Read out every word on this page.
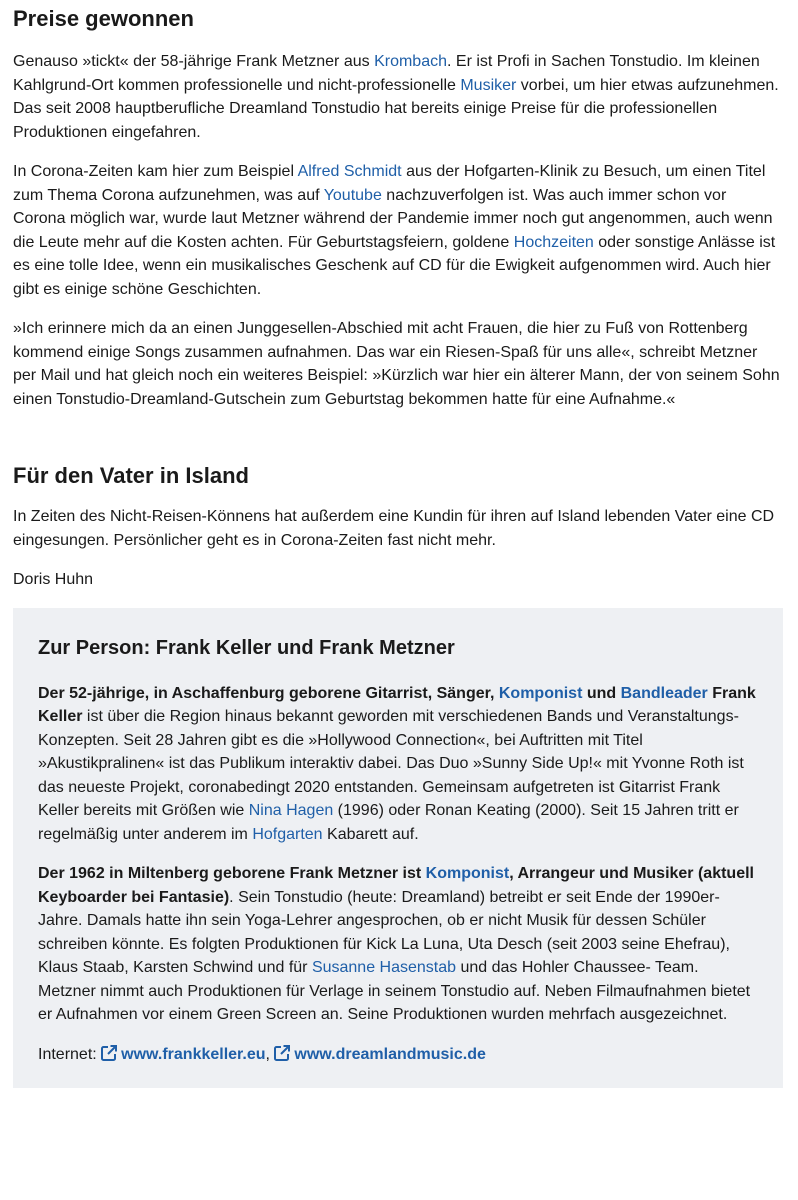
Preise gewonnen

Genauso »tickt« der 58-jährige Frank Metzner aus Krombach. Er ist Profi in Sachen Tonstudio. Im kleinen Kahlgrund-Ort kommen professionelle und nicht-professionelle Musiker vorbei, um hier etwas aufzunehmen. Das seit 2008 hauptberufliche Dreamland Tonstudio hat bereits einige Preise für die professionellen Produktionen eingefahren.

In Corona-Zeiten kam hier zum Beispiel Alfred Schmidt aus der Hofgarten-Klinik zu Besuch, um einen Titel zum Thema Corona aufzunehmen, was auf Youtube nachzuverfolgen ist. Was auch immer schon vor Corona möglich war, wurde laut Metzner während der Pandemie immer noch gut angenommen, auch wenn die Leute mehr auf die Kosten achten. Für Geburtstagsfeiern, goldene Hochzeiten oder sonstige Anlässe ist es eine tolle Idee, wenn ein musikalisches Geschenk auf CD für die Ewigkeit aufgenommen wird. Auch hier gibt es einige schöne Geschichten.

»Ich erinnere mich da an einen Junggesellen-Abschied mit acht Frauen, die hier zu Fuß von Rottenberg kommend einige Songs zusammen aufnahmen. Das war ein Riesen-Spaß für uns alle«, schreibt Metzner per Mail und hat gleich noch ein weiteres Beispiel: »Kürzlich war hier ein älterer Mann, der von seinem Sohn einen Tonstudio-Dreamland-Gutschein zum Geburtstag bekommen hatte für eine Aufnahme.«

Für den Vater in Island

In Zeiten des Nicht-Reisen-Könnens hat außerdem eine Kundin für ihren auf Island lebenden Vater eine CD eingesungen. Persönlicher geht es in Corona-Zeiten fast nicht mehr.

Doris Huhn

Zur Person: Frank Keller und Frank Metzner

Der 52-jährige, in Aschaffenburg geborene Gitarrist, Sänger, Komponist und Bandleader Frank Keller ist über die Region hinaus bekannt geworden mit verschiedenen Bands und Veranstaltungs-Konzepten. Seit 28 Jahren gibt es die »Hollywood Connection«, bei Auftritten mit Titel »Akustikpralinen« ist das Publikum interaktiv dabei. Das Duo »Sunny Side Up!« mit Yvonne Roth ist das neueste Projekt, coronabedingt 2020 entstanden. Gemeinsam aufgetreten ist Gitarrist Frank Keller bereits mit Größen wie Nina Hagen (1996) oder Ronan Keating (2000). Seit 15 Jahren tritt er regelmäßig unter anderem im Hofgarten Kabarett auf.

Der 1962 in Miltenberg geborene Frank Metzner ist Komponist, Arrangeur und Musiker (aktuell Keyboarder bei Fantasie). Sein Tonstudio (heute: Dreamland) betreibt er seit Ende der 1990er-Jahre. Damals hatte ihn sein Yoga-Lehrer angesprochen, ob er nicht Musik für dessen Schüler schreiben könnte. Es folgten Produktionen für Kick La Luna, Uta Desch (seit 2003 seine Ehefrau), Klaus Staab, Karsten Schwind und für Susanne Hasenstab und das Hohler Chaussee- Team. Metzner nimmt auch Produktionen für Verlage in seinem Tonstudio auf. Neben Filmaufnahmen bietet er Aufnahmen vor einem Green Screen an. Seine Produktionen wurden mehrfach ausgezeichnet.

Internet:
www.frankkeller.eu,
www.dreamlandmusic.de
